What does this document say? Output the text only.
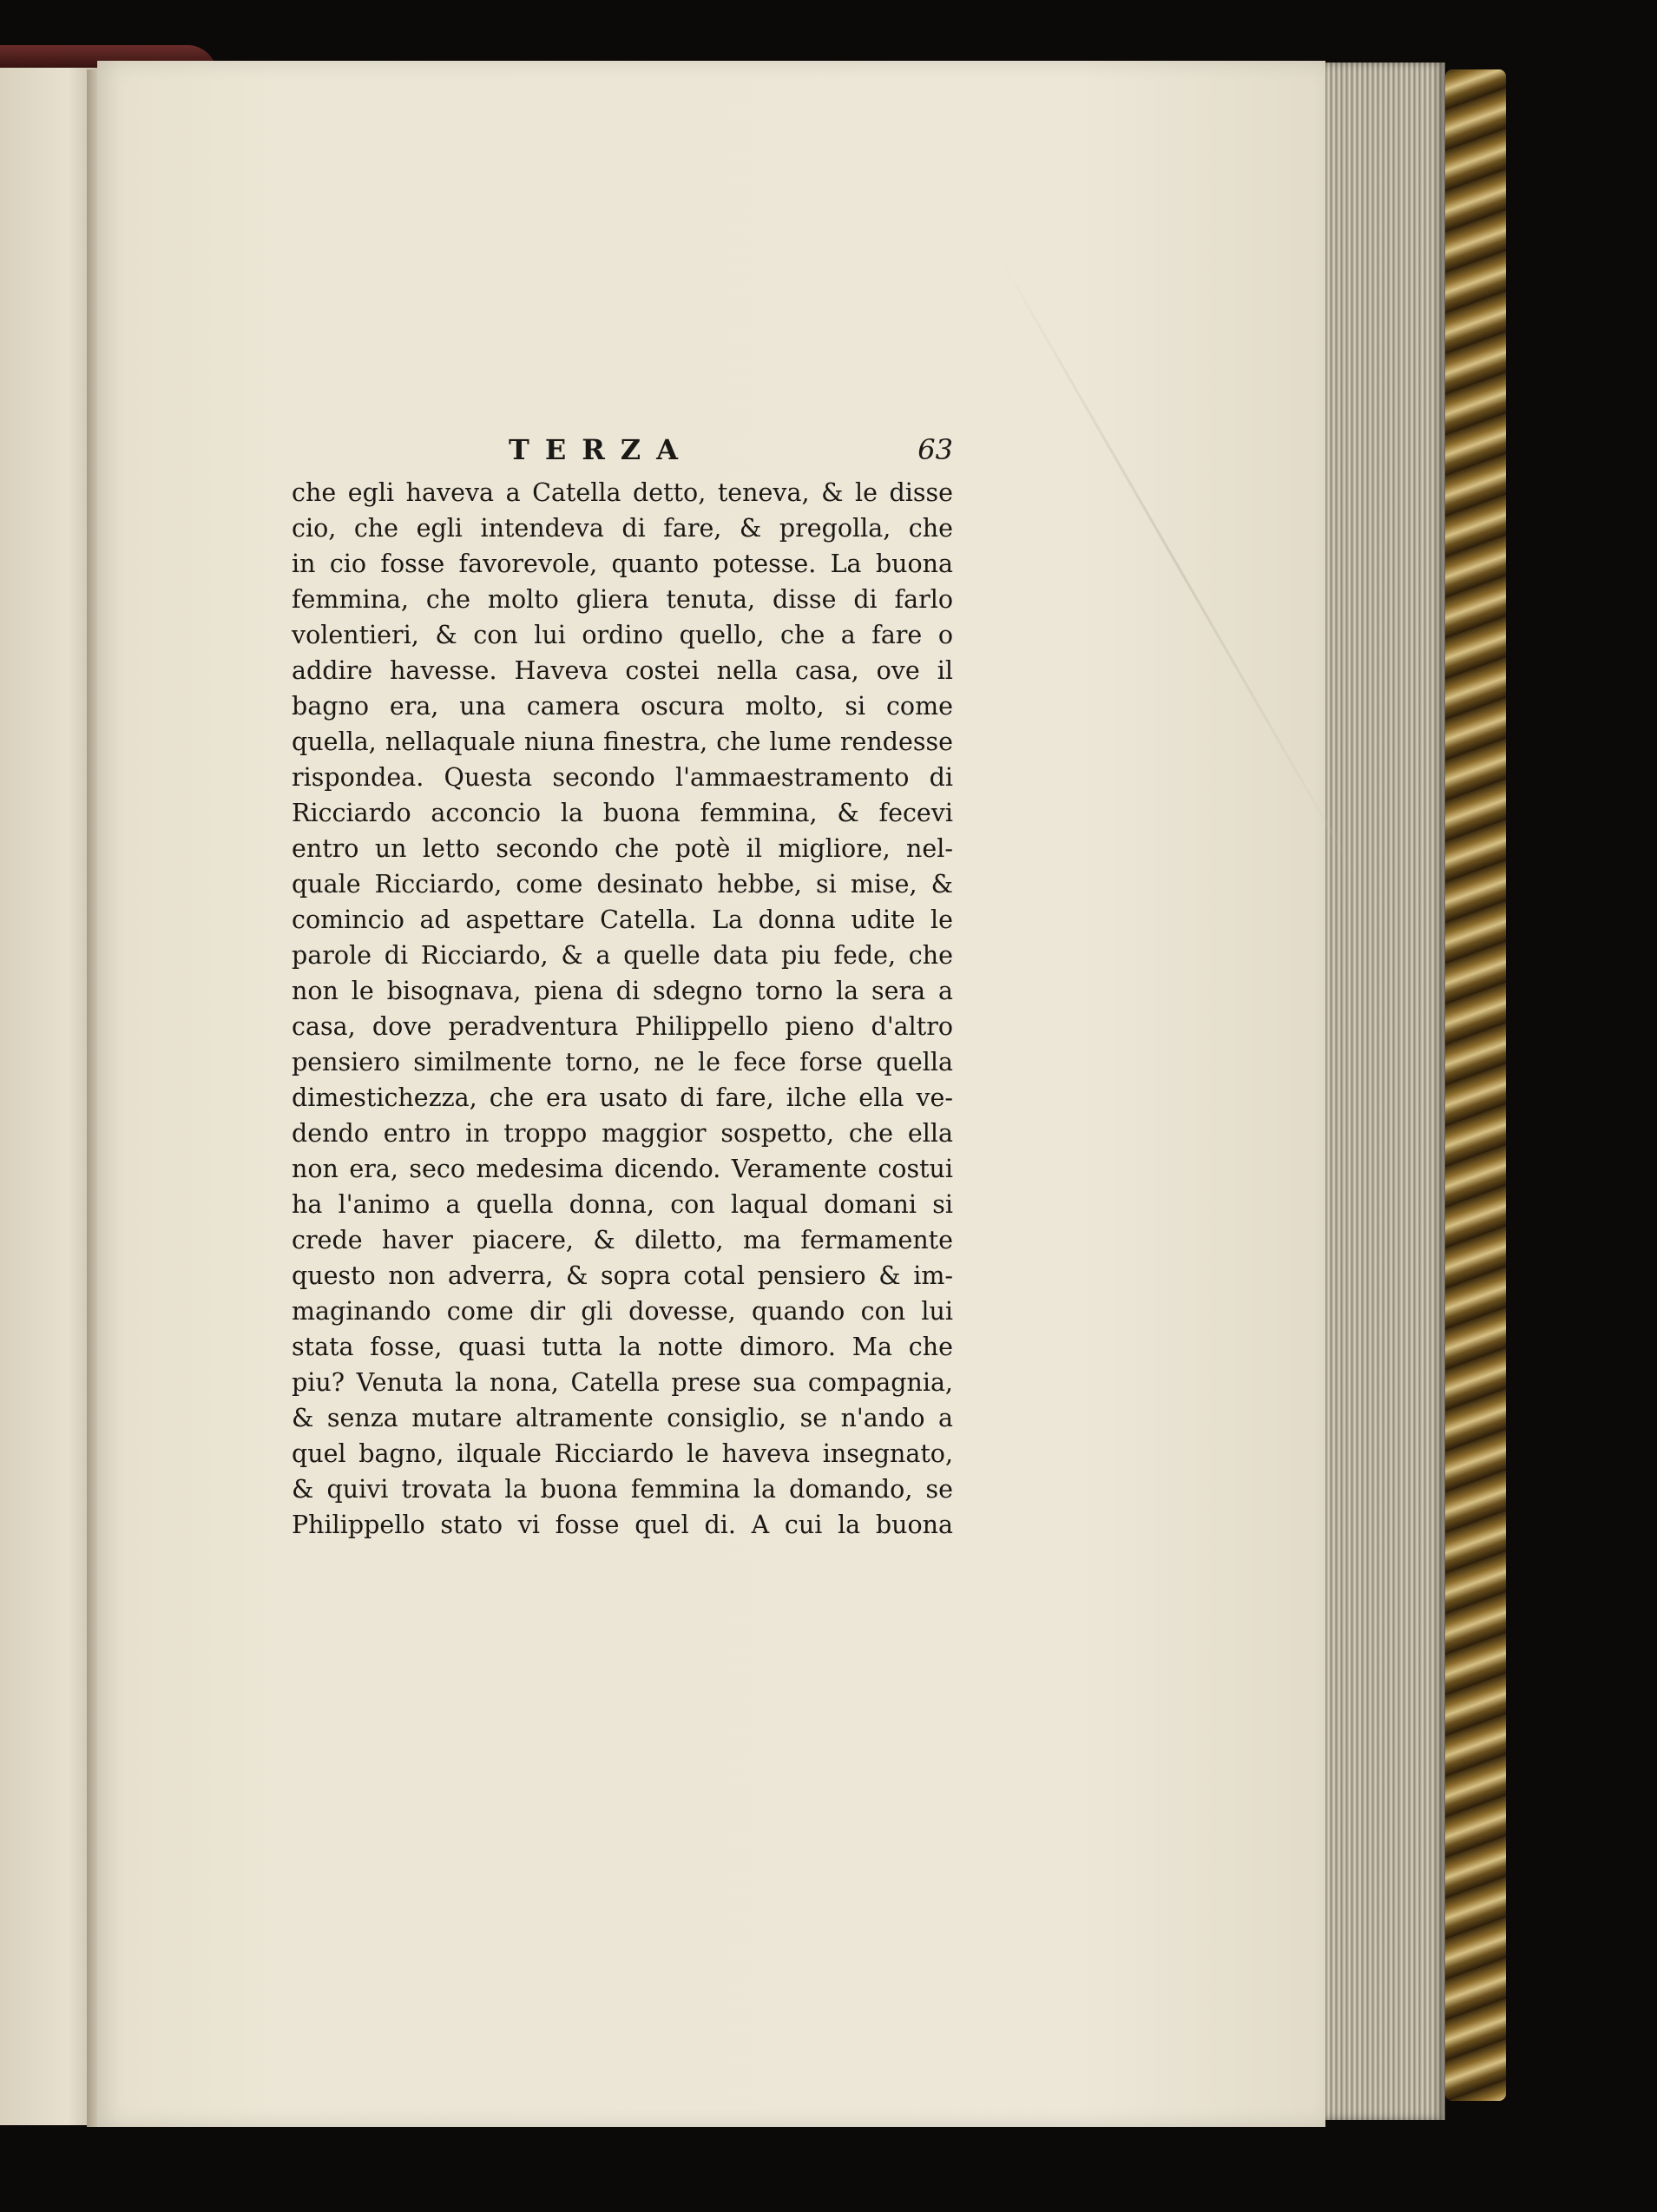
TERZA	63
che egli haveva a Catella detto, teneva, & le disse
cio, che egli intendeva di fare, & pregolla, che
in cio fosse favorevole, quanto potesse. La buona
femmina, che molto gliera tenuta, disse di farlo
volentieri, & con lui ordino quello, che a fare o
addire havesse. Haveva costei nella casa, ove il
bagno era, una camera oscura molto, si come
quella, nellaquale niuna finestra, che lume rendesse
rispondea. Questa secondo l'ammaestramento di
Ricciardo acconcio la buona femmina, & fecevi
entro un letto secondo che potè il migliore, nel-
quale Ricciardo, come desinato hebbe, si mise, &
comincio ad aspettare Catella. La donna udite le
parole di Ricciardo, & a quelle data piu fede, che
non le bisognava, piena di sdegno torno la sera a
casa, dove peradventura Philippello pieno d'altro
pensiero similmente torno, ne le fece forse quella
dimestichezza, che era usato di fare, ilche ella ve-
dendo entro in troppo maggior sospetto, che ella
non era, seco medesima dicendo. Veramente costui
ha l'animo a quella donna, con laqual domani si
crede haver piacere, & diletto, ma fermamente
questo non adverra, & sopra cotal pensiero & im-
maginando come dir gli dovesse, quando con lui
stata fosse, quasi tutta la notte dimoro. Ma che
piu? Venuta la nona, Catella prese sua compagnia,
& senza mutare altramente consiglio, se n'ando a
quel bagno, ilquale Ricciardo le haveva insegnato,
& quivi trovata la buona femmina la domando, se
Philippello stato vi fosse quel di. A cui la buona
